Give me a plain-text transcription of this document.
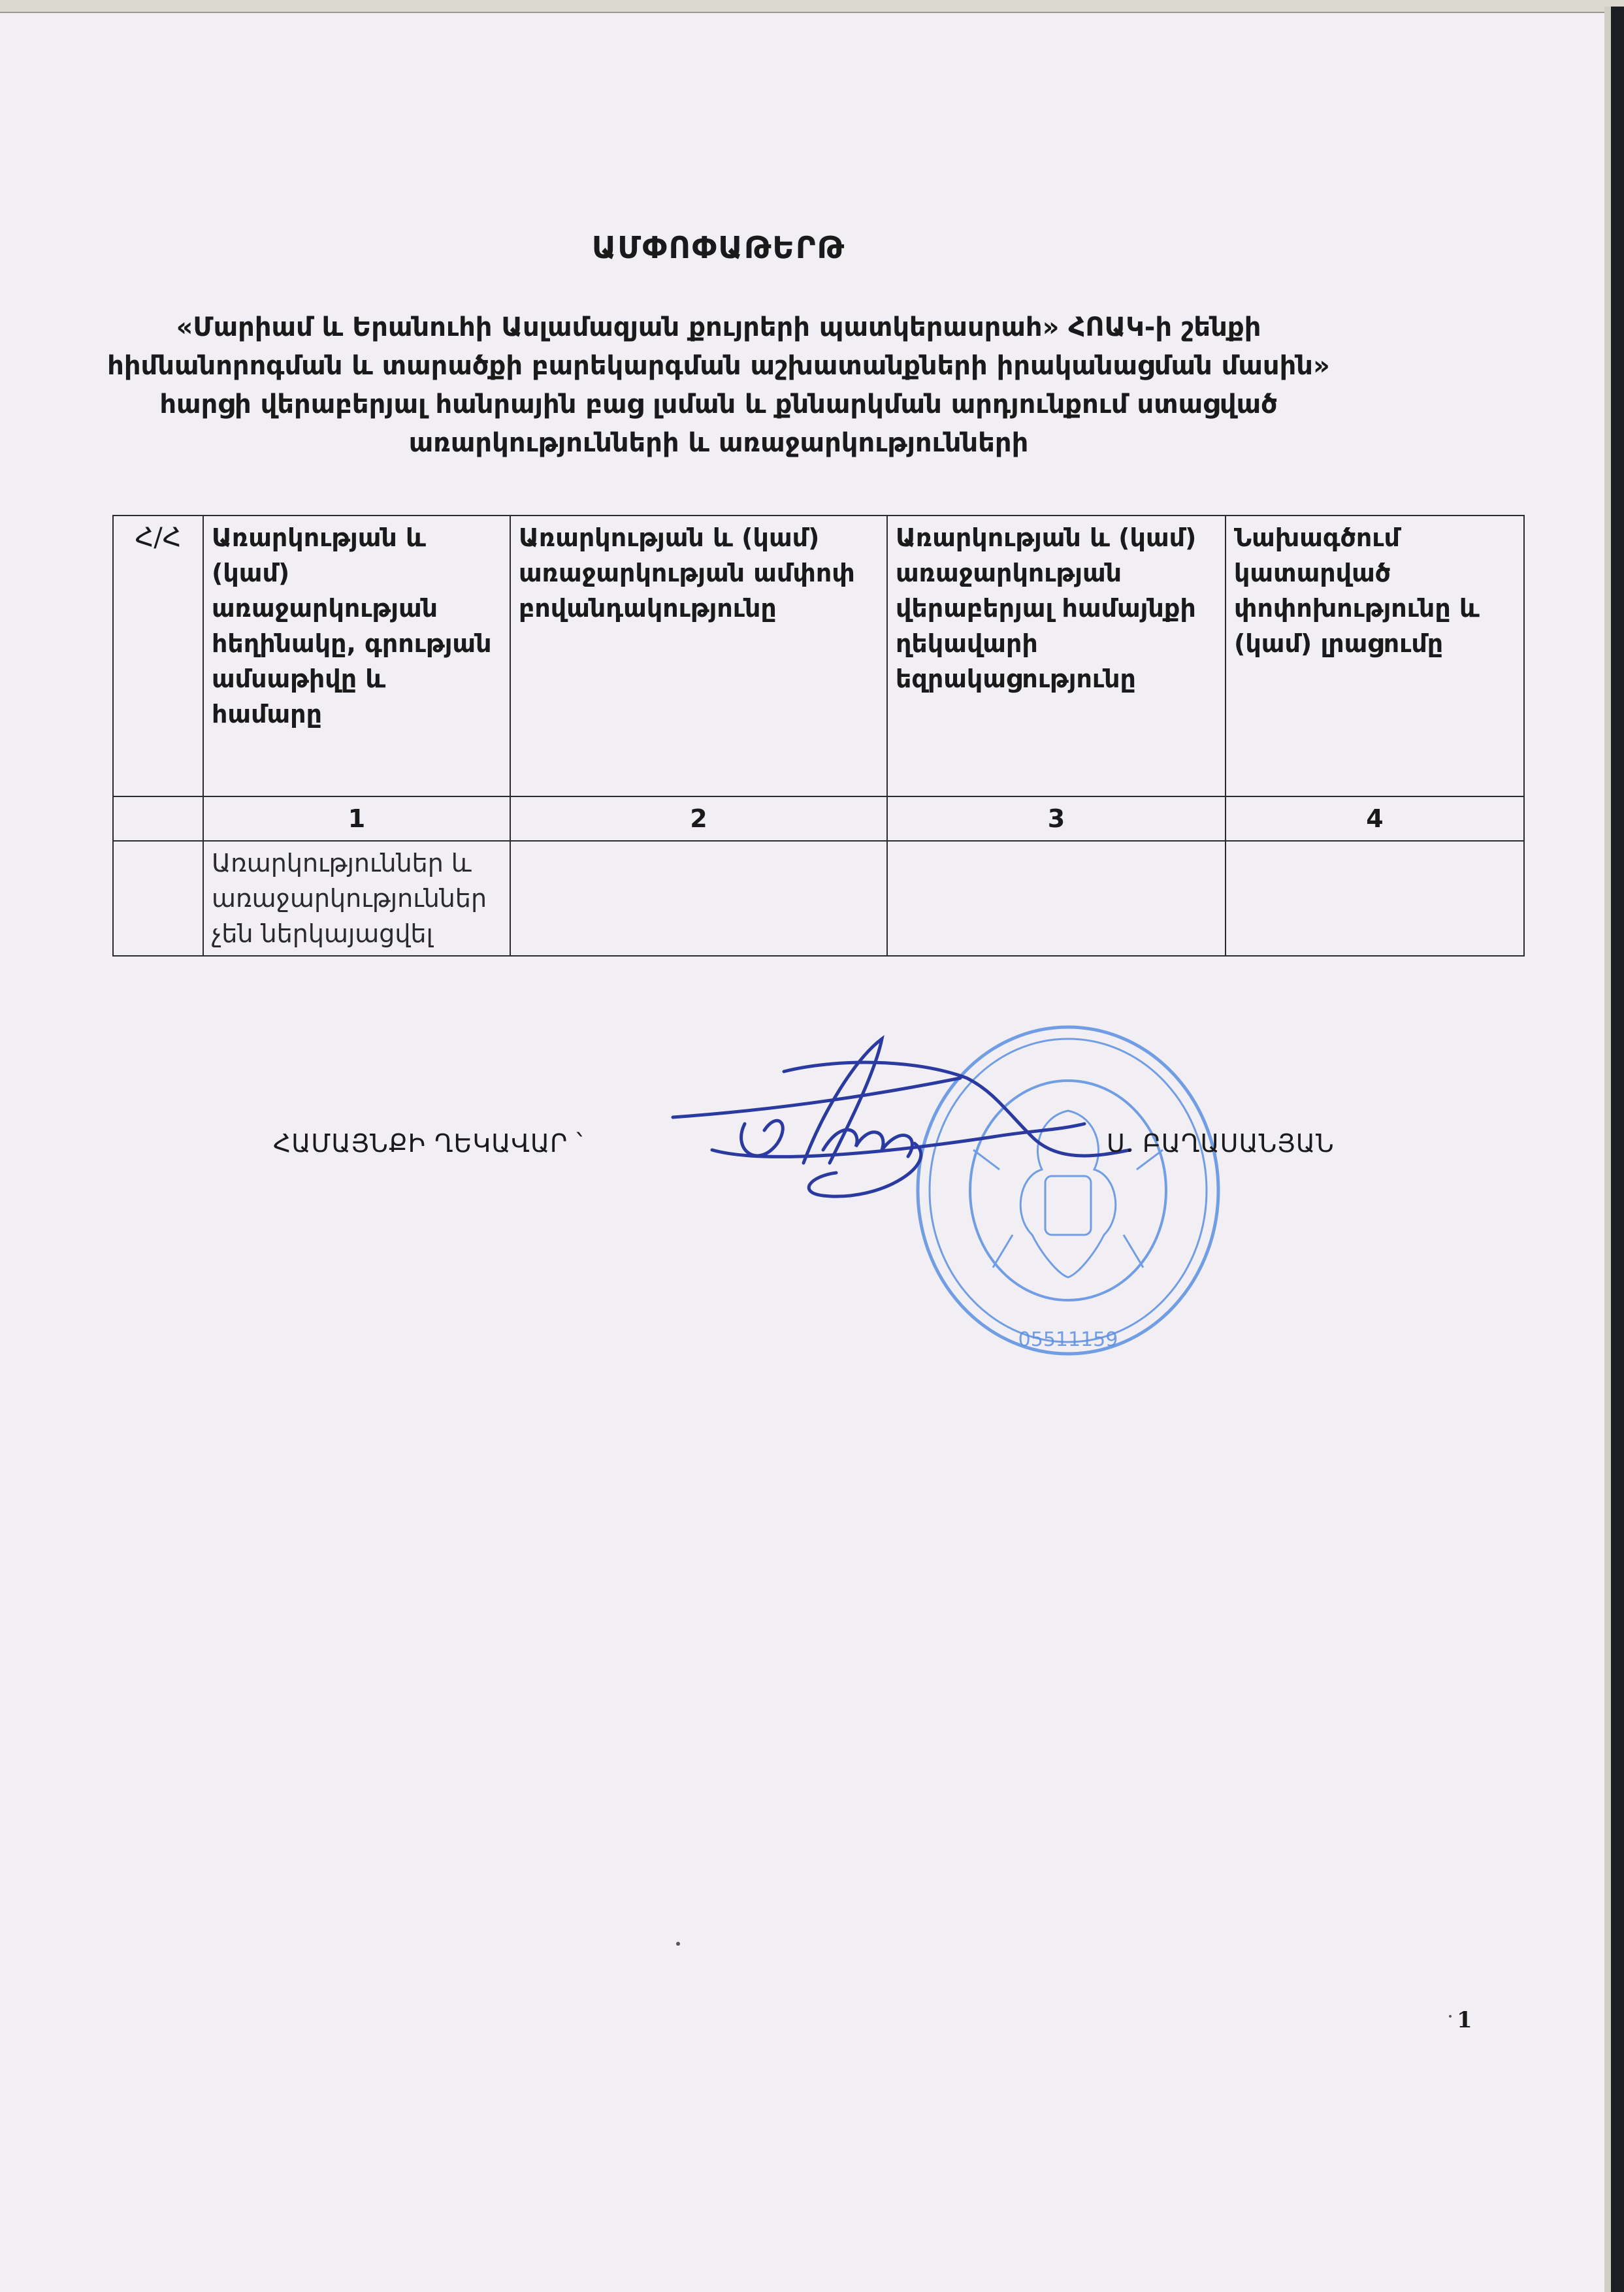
ԱՄՓՈՓԱԹԵՐԹ
«Մարիամ և Երանուհի Ասլամազյան քույրերի պատկերասրահ» ՀՈԱԿ-ի շենքի
հիմնանորոգման և տարածքի բարեկարգման աշխատանքների իրականացման մասին»
հարցի վերաբերյալ հանրային բաց լսման և քննարկման արդյունքում ստացված
առարկությունների և առաջարկությունների
Հ/Հ	Առարկության և (կամ) առաջարկության հեղինակը, գրության ամսաթիվը և համարը	Առարկության և (կամ) առաջարկության ամփոփ բովանդակությունը	Առարկության և (կամ) առաջարկության վերաբերյալ համայնքի ղեկավարի եզրակացությունը	Նախագծում կատարված փոփոխությունը և (կամ) լրացումը
	1	2	3	4
	Առարկություններ և առաջարկություններ չեն ներկայացվել			
ՀԱՄԱՅՆՔԻ ՂԵԿԱՎԱՐ ՝
05511159
Ս. ԲԱՂԱՍԱՆՅԱՆ
1
